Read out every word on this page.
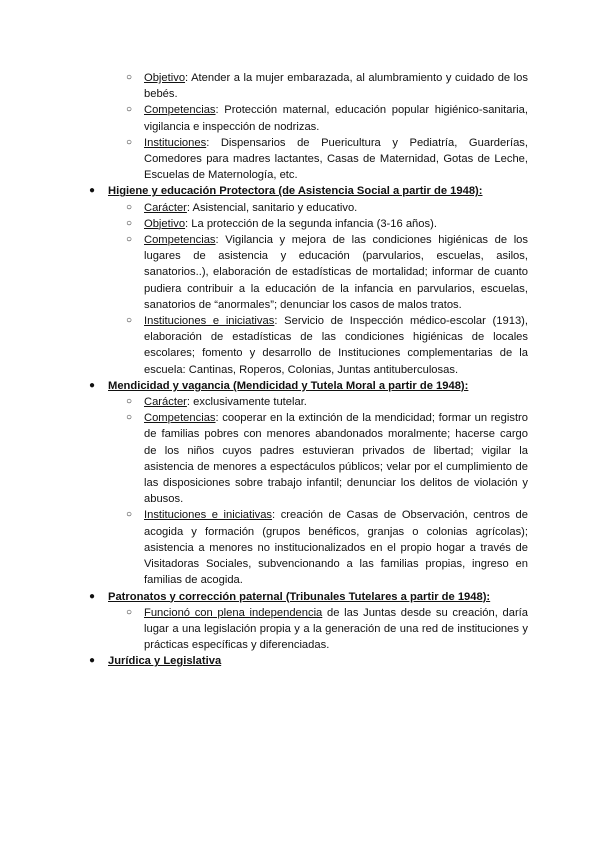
○ Objetivo: Atender a la mujer embarazada, al alumbramiento y cuidado de los bebés.
○ Competencias: Protección maternal, educación popular higiénico-sanitaria, vigilancia e inspección de nodrizas.
○ Instituciones: Dispensarios de Puericultura y Pediatría, Guarderías, Comedores para madres lactantes, Casas de Maternidad, Gotas de Leche, Escuelas de Maternología, etc.
● Higiene y educación Protectora (de Asistencia Social a partir de 1948):
○ Carácter: Asistencial, sanitario y educativo.
○ Objetivo: La protección de la segunda infancia (3-16 años).
○ Competencias: Vigilancia y mejora de las condiciones higiénicas de los lugares de asistencia y educación (parvularios, escuelas, asilos, sanatorios..), elaboración de estadísticas de mortalidad; informar de cuanto pudiera contribuir a la educación de la infancia en parvularios, escuelas, sanatorios de “anormales”; denunciar los casos de malos tratos.
○ Instituciones e iniciativas: Servicio de Inspección médico-escolar (1913), elaboración de estadísticas de las condiciones higiénicas de locales escolares; fomento y desarrollo de Instituciones complementarias de la escuela: Cantinas, Roperos, Colonias, Juntas antituberculosas.
● Mendicidad y vagancia (Mendicidad y Tutela Moral a partir de 1948):
○ Carácter: exclusivamente tutelar.
○ Competencias: cooperar en la extinción de la mendicidad; formar un registro de familias pobres con menores abandonados moralmente; hacerse cargo de los niños cuyos padres estuvieran privados de libertad; vigilar la asistencia de menores a espectáculos públicos; velar por el cumplimiento de las disposiciones sobre trabajo infantil; denunciar los delitos de violación y abusos.
○ Instituciones e iniciativas: creación de Casas de Observación, centros de acogida y formación (grupos benéficos, granjas o colonias agrícolas); asistencia a menores no institucionalizados en el propio hogar a través de Visitadoras Sociales, subvencionando a las familias propias, ingreso en familias de acogida.
● Patronatos y corrección paternal (Tribunales Tutelares a partir de 1948):
○ Funcionó con plena independencia de las Juntas desde su creación, daría lugar a una legislación propia y a la generación de una red de instituciones y prácticas específicas y diferenciadas.
● Jurídica y Legislativa
